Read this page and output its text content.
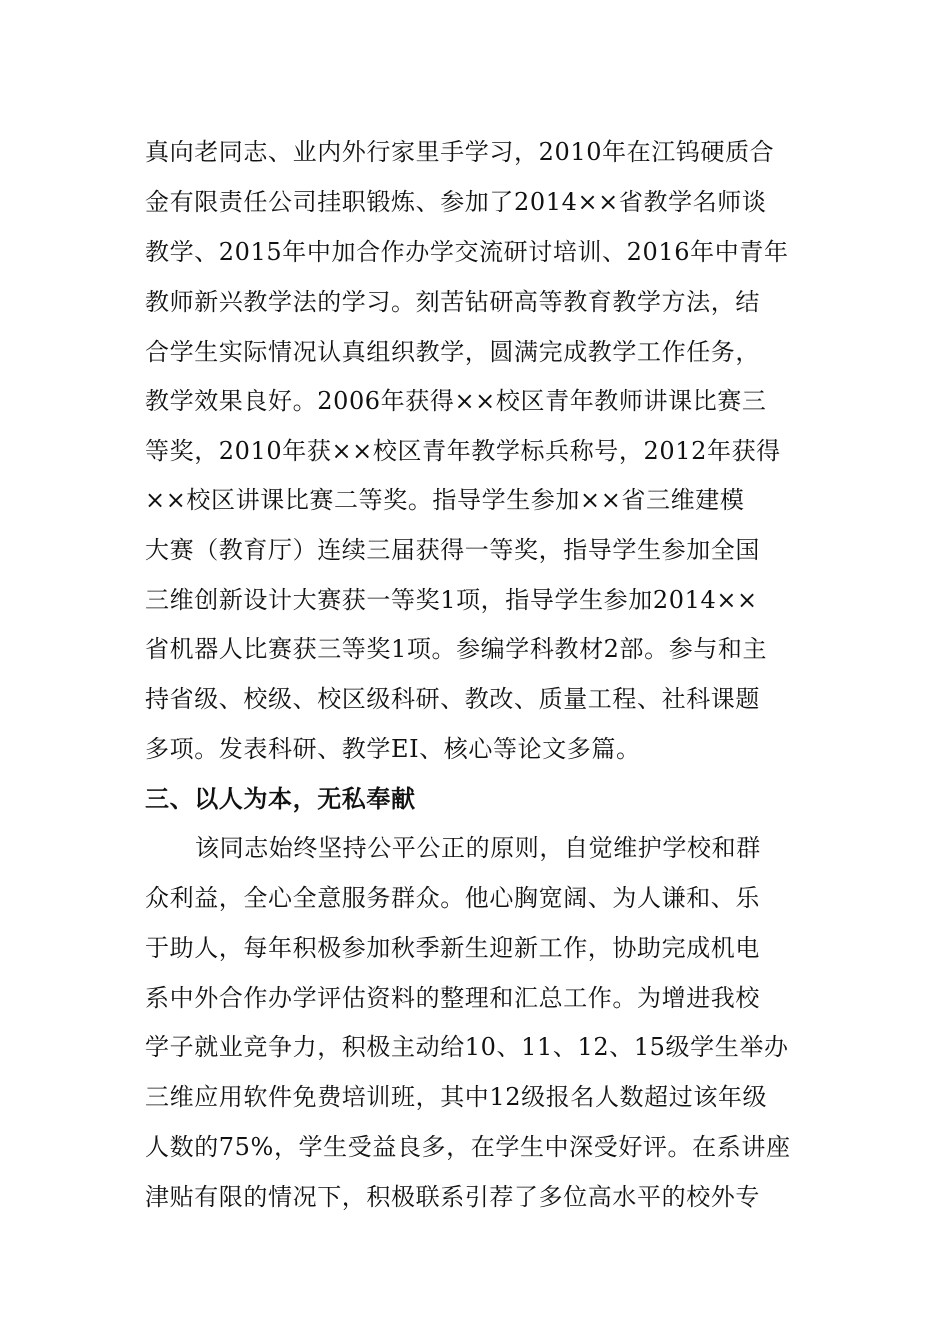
真向老同志、业内外行家里手学习，2010年在江钨硬质合
金有限责任公司挂职锻炼、参加了2014××省教学名师谈
教学、2015年中加合作办学交流研讨培训、2016年中青年
教师新兴教学法的学习。刻苦钻研高等教育教学方法，结
合学生实际情况认真组织教学，圆满完成教学工作任务，
教学效果良好。2006年获得××校区青年教师讲课比赛三
等奖，2010年获××校区青年教学标兵称号，2012年获得
××校区讲课比赛二等奖。指导学生参加××省三维建模
大赛（教育厅）连续三届获得一等奖，指导学生参加全国
三维创新设计大赛获一等奖1项，指导学生参加2014××
省机器人比赛获三等奖1项。参编学科教材2部。参与和主
持省级、校级、校区级科研、教改、质量工程、社科课题
多项。发表科研、教学EI、核心等论文多篇。
三、以人为本，无私奉献
该同志始终坚持公平公正的原则，自觉维护学校和群
众利益，全心全意服务群众。他心胸宽阔、为人谦和、乐
于助人，每年积极参加秋季新生迎新工作，协助完成机电
系中外合作办学评估资料的整理和汇总工作。为增进我校
学子就业竞争力，积极主动给10、11、12、15级学生举办
三维应用软件免费培训班，其中12级报名人数超过该年级
人数的75%，学生受益良多，在学生中深受好评。在系讲座
津贴有限的情况下，积极联系引荐了多位高水平的校外专
